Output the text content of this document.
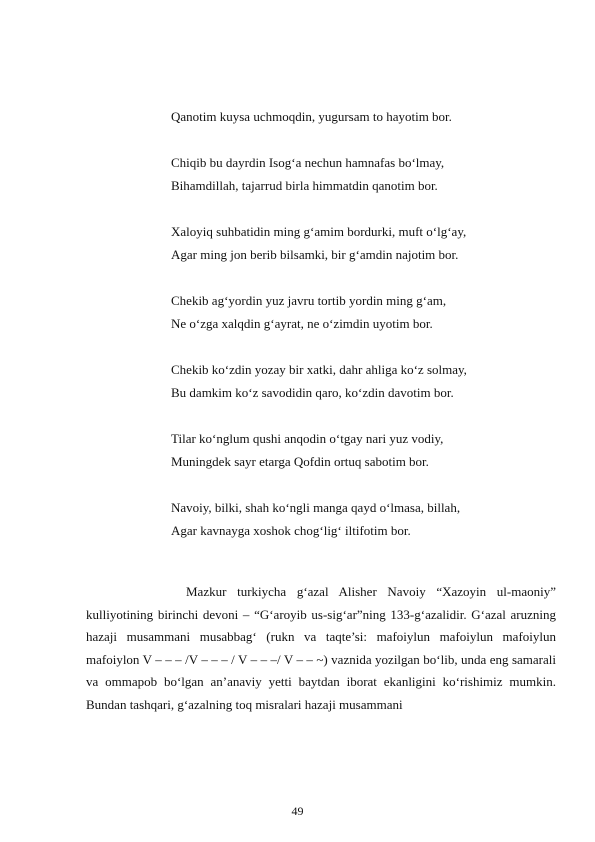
Qanotim kuysa uchmoqdin, yugursam to hayotim bor.
Chiqib bu dayrdin Isog‘a nechun hamnafas bo‘lmay,
Bihamdillah, tajarrud birla himmatdin qanotim bor.
Xaloyiq suhbatidin ming g‘amim bordurki, muft o‘lg‘ay,
Agar ming jon berib bilsamki, bir g‘amdin najotim bor.
Chekib ag‘yordin yuz javru tortib yordin ming g‘am,
Ne o‘zga xalqdin g‘ayrat, ne o‘zimdin uyotim bor.
Chekib ko‘zdin yozay bir xatki, dahr ahliga ko‘z solmay,
Bu damkim ko‘z savodidin qaro, ko‘zdin davotim bor.
Tilar ko‘nglum qushi anqodin o‘tgay nari yuz vodiy,
Muningdek sayr etarga Qofdin ortuq sabotim bor.
Navoiy, bilki, shah ko‘ngli manga qayd o‘lmasa, billah,
Agar kavnayga xoshok chog‘lig‘ iltifotim bor.

Mazkur turkiycha g‘azal Alisher Navoiy “Xazoyin ul-maoniy” kulliyotining birinchi devoni – “G‘aroyib us-sig‘ar”ning 133-g‘azalidir. G‘azal aruzning hazaji musammani musabbag‘ (rukn va taqte’si: mafoiylun mafoiylun mafoiylun mafoiylon V – – – /V – – – / V – – –/ V – – ~) vaznida yozilgan bo‘lib, unda eng samarali va ommapob bo‘lgan an’anaviy yetti baytdan iborat ekanligini ko‘rishimiz mumkin. Bundan tashqari, g‘azalning toq misralari hazaji musammani

49
